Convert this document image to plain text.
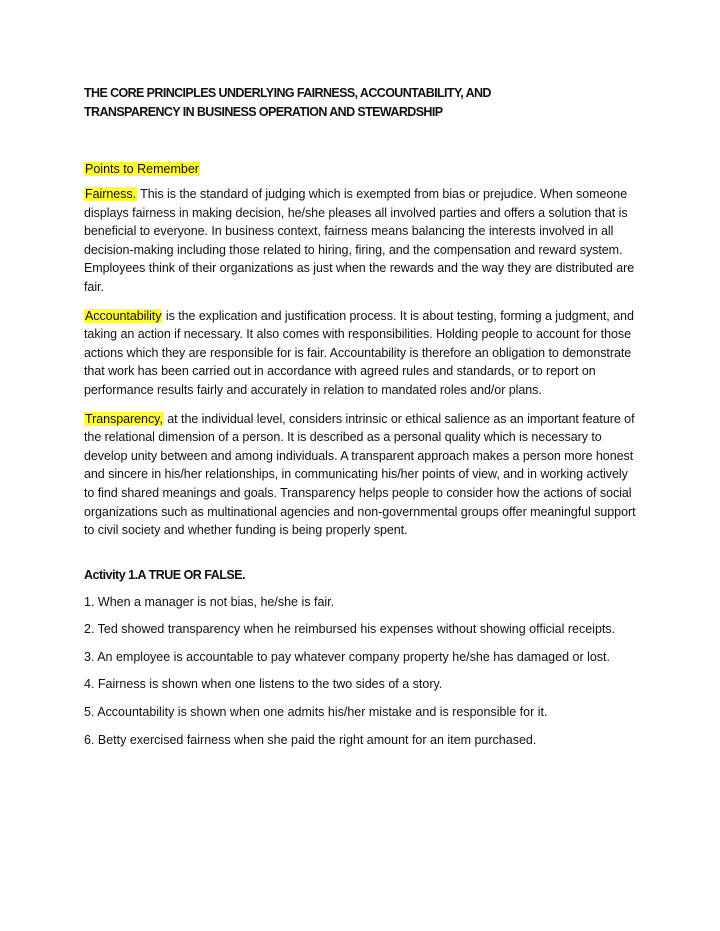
THE CORE PRINCIPLES UNDERLYING FAIRNESS, ACCOUNTABILITY, AND
TRANSPARENCY IN BUSINESS OPERATION AND STEWARDSHIP
Points to Remember

Fairness. This is the standard of judging which is exempted from bias or prejudice. When someone displays fairness in making decision, he/she pleases all involved parties and offers a solution that is beneficial to everyone. In business context, fairness means balancing the interests involved in all decision-making including those related to hiring, firing, and the compensation and reward system. Employees think of their organizations as just when the rewards and the way they are distributed are fair.

Accountability is the explication and justification process. It is about testing, forming a judgment, and taking an action if necessary. It also comes with responsibilities. Holding people to account for those actions which they are responsible for is fair. Accountability is therefore an obligation to demonstrate that work has been carried out in accordance with agreed rules and standards, or to report on performance results fairly and accurately in relation to mandated roles and/or plans.

Transparency, at the individual level, considers intrinsic or ethical salience as an important feature of the relational dimension of a person. It is described as a personal quality which is necessary to develop unity between and among individuals. A transparent approach makes a person more honest and sincere in his/her relationships, in communicating his/her points of view, and in working actively to find shared meanings and goals. Transparency helps people to consider how the actions of social organizations such as multinational agencies and non-governmental groups offer meaningful support to civil society and whether funding is being properly spent.

Activity 1.A TRUE OR FALSE.
1. When a manager is not bias, he/she is fair.
2. Ted showed transparency when he reimbursed his expenses without showing official receipts.
3. An employee is accountable to pay whatever company property he/she has damaged or lost.
4. Fairness is shown when one listens to the two sides of a story.
5. Accountability is shown when one admits his/her mistake and is responsible for it.
6. Betty exercised fairness when she paid the right amount for an item purchased.
